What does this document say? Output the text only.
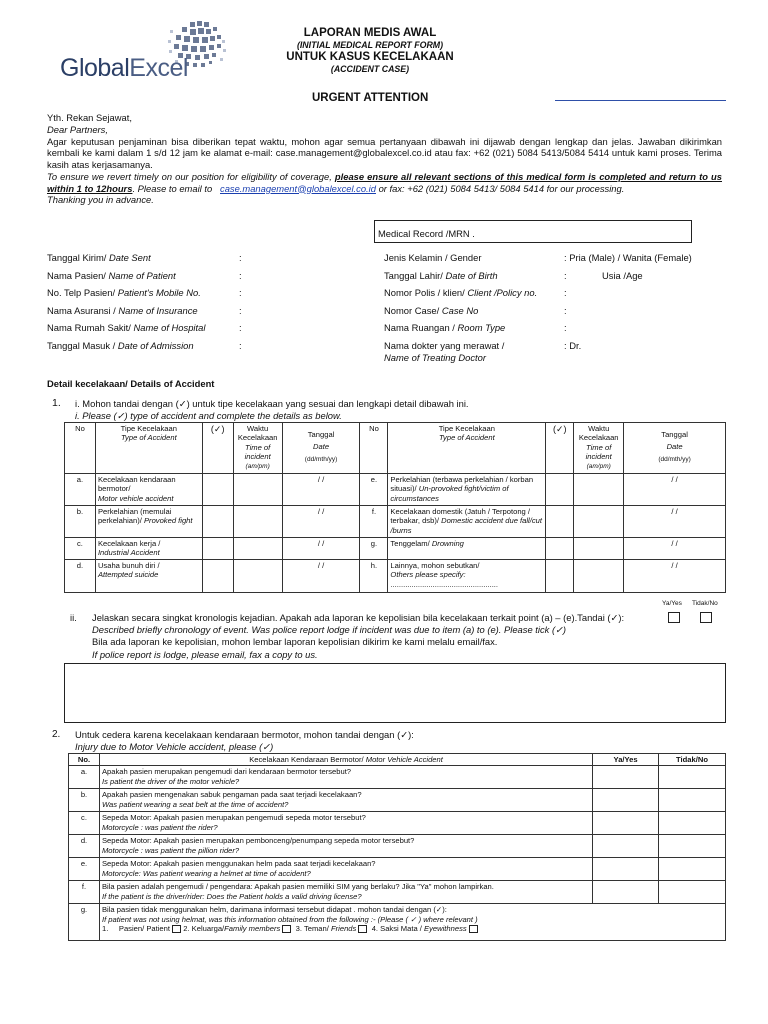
GlobalExcel
LAPORAN MEDIS AWAL
(INITIAL MEDICAL REPORT FORM)
UNTUK KASUS KECELAKAAN
(ACCIDENT CASE)
URGENT ATTENTION
Yth. Rekan Sejawat,
Dear Partners,
Agar keputusan penjaminan bisa diberikan tepat waktu, mohon agar semua pertanyaan dibawah ini dijawab dengan lengkap dan jelas. Jawaban dikirimkan kembali ke kami dalam 1 s/d 12 jam ke alamat e-mail: case.management@globalexcel.co.id atau fax: +62 (021) 5084 5413/5084 5414 untuk kami proses. Terima kasih atas kerjasamanya.
To ensure we revert timely on our position for eligibility of coverage, please ensure all relevant sections of this medical form is completed and return to us within 1 to 12hours. Please to email to case.management@globalexcel.co.id or fax: +62 (021) 5084 5413/ 5084 5414 for our processing.
Thanking you in advance.
Medical Record /MRN .
Tanggal Kirim/ Date Sent	:
Nama Pasien/ Name of Patient	:
No. Telp Pasien/ Patient's Mobile No.	:
Nama Asuransi / Name of Insurance	:
Nama Rumah Sakit/ Name of Hospital	:
Tanggal Masuk / Date of Admission	:
Jenis Kelamin / Gender	: Pria (Male) / Wanita (Female)
Tanggal Lahir/ Date of Birth	:	Usia /Age
Nomor Polis / klien/ Client /Policy no.	:
Nomor Case/ Case No	:
Nama Ruangan / Room Type	:
Nama dokter yang merawat /
Name of Treating Doctor
: Dr.
Detail kecelakaan/ Details of Accident
1. i. Mohon tandai dengan (✓) untuk tipe kecelakaan yang sesuai dan lengkapi detail dibawah ini.
i. Please (✓) type of accident and complete the details as below.
No	Tipe Kecelakaan
Type of Accident	(✓)	Waktu Kecelakaan
Time of incident
(am/pm)	Tanggal
Date
(dd/mth/yy)	No	Tipe Kecelakaan
Type of Accident	(✓)	Waktu Kecelakaan
Time of incident
(am/pm)	Tanggal
Date
(dd/mth/yy)
a.	Kecelakaan kendaraan bermotor/
Motor vehicle accident			/ /	e.	Perkelahian (terbawa perkelahian / korban situasi)/ Un-provoked fight/victim of circumstances			/ /
b.	Perkelahian (memulai perkelahian)/ Provoked fight			/ /	f.	Kecelakaan domestik (Jatuh / Terpotong / terbakar, dsb)/ Domestic accident due fall/cut /burns			/ /
c.	Kecelakaan kerja /
Industrial Accident			/ /	g.	Tenggelam/ Drowning			/ /
d.	Usaha bunuh diri /
Attempted suicide			/ /	h.	Lainnya, mohon sebutkan/
Others please specify:
...................................................			/ /
Ya/Yes Tidak/No
ii. Jelaskan secara singkat kronologis kejadian. Apakah ada laporan ke kepolisian bila kecelakaan terkait point (a) – (e).Tandai (✓):
Described briefly chronology of event. Was police report lodge if incident was due to item (a) to (e). Please tick (✓)
Bila ada laporan ke kepolisian, mohon lembar laporan kepolisian dikirim ke kami melalu email/fax.
If police report is lodge, please email, fax a copy to us.
2. Untuk cedera karena kecelakaan kendaraan bermotor, mohon tandai dengan (✓):
Injury due to Motor Vehicle accident, please (✓)
No.	Kecelakaan Kendaraan Bermotor/ Motor Vehicle Accident	Ya/Yes	Tidak/No
a.	Apakah pasien merupakan pengemudi dari kendaraan bermotor tersebut?
Is patient the driver of the motor vehicle?		
b.	Apakah pasien mengenakan sabuk pengaman pada saat terjadi kecelakaan?
Was patient wearing a seat belt at the time of accident?		
c.	Sepeda Motor: Apakah pasien merupakan pengemudi sepeda motor tersebut?
Motorcycle : was patient the rider?		
d.	Sepeda Motor: Apakah pasien merupakan pembonceng/penumpang sepeda motor tersebut?
Motorcycle : was patient the pillion rider?		
e.	Sepeda Motor: Apakah pasien menggunakan helm pada saat terjadi kecelakaan?
Motorcycle: Was patient wearing a helmet at time of accident?		
f.	Bila pasien adalah pengemudi / pengendara: Apakah pasien memiliki SIM yang berlaku? Jika "Ya" mohon lampirkan.
If the patient is the driver/rider: Does the Patient holds a valid driving license?		
g.	Bila pasien tidak menggunakan helm, darimana informasi tersebut didapat . mohon tandai dengan (✓):
If patient was not using helmat, was this information obtained from the following :- (Please ( ✓ ) where relevant )
1. Pasien/ Patient 2. Keluarga/Family members 3. Teman/ Friends 4. Saksi Mata / Eyewithness		
